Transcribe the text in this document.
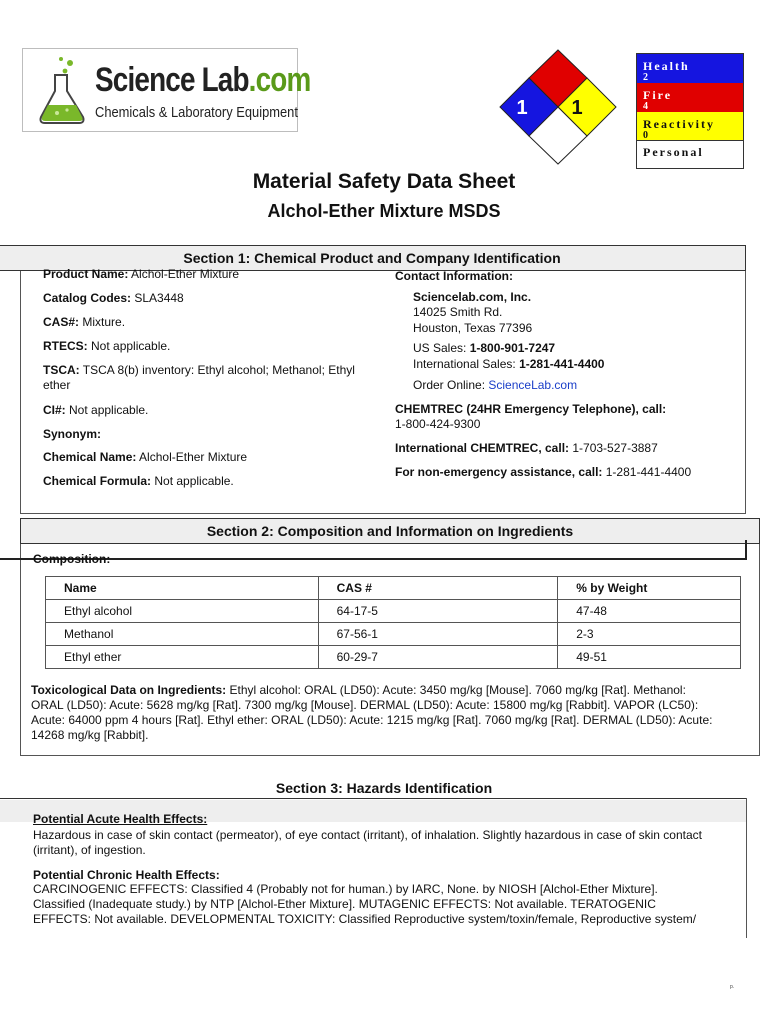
Science Lab.com
Chemicals & Laboratory Equipment
3
1 1
Health
2
Fire
4
Reactivity
0
Personal
Material Safety Data Sheet
Alchol-Ether Mixture MSDS
Section 1: Chemical Product and Company Identification
Product Name: Alchol-Ether Mixture
Catalog Codes: SLA3448
CAS#: Mixture.
RTECS: Not applicable.
TSCA: TSCA 8(b) inventory: Ethyl alcohol; Methanol; Ethyl
ether
CI#: Not applicable.
Synonym:
Chemical Name: Alchol-Ether Mixture
Chemical Formula: Not applicable.
Contact Information:
Sciencelab.com, Inc.
14025 Smith Rd.
Houston, Texas 77396
US Sales: 1-800-901-7247
International Sales: 1-281-441-4400
Order Online: ScienceLab.com
CHEMTREC (24HR Emergency Telephone), call:
1-800-424-9300
International CHEMTREC, call: 1-703-527-3887
For non-emergency assistance, call: 1-281-441-4400
Section 2: Composition and Information on Ingredients
Composition:
Name	CAS #	% by Weight
Ethyl alcohol	64-17-5	47-48
Methanol	67-56-1	2-3
Ethyl ether	60-29-7	49-51
Toxicological Data on Ingredients: Ethyl alcohol: ORAL (LD50): Acute: 3450 mg/kg [Mouse]. 7060 mg/kg [Rat]. Methanol:
ORAL (LD50): Acute: 5628 mg/kg [Rat]. 7300 mg/kg [Mouse]. DERMAL (LD50): Acute: 15800 mg/kg [Rabbit]. VAPOR (LC50):
Acute: 64000 ppm 4 hours [Rat]. Ethyl ether: ORAL (LD50): Acute: 1215 mg/kg [Rat]. 7060 mg/kg [Rat]. DERMAL (LD50): Acute:
14268 mg/kg [Rabbit].
Section 3: Hazards Identification
Potential Acute Health Effects:
Hazardous in case of skin contact (permeator), of eye contact (irritant), of inhalation. Slightly hazardous in case of skin contact
(irritant), of ingestion.
Potential Chronic Health Effects:
CARCINOGENIC EFFECTS: Classified 4 (Probably not for human.) by IARC, None. by NIOSH [Alchol-Ether Mixture].
Classified (Inadequate study.) by NTP [Alchol-Ether Mixture]. MUTAGENIC EFFECTS: Not available. TERATOGENIC
EFFECTS: Not available. DEVELOPMENTAL TOXICITY: Classified Reproductive system/toxin/female, Reproductive system/
p.
